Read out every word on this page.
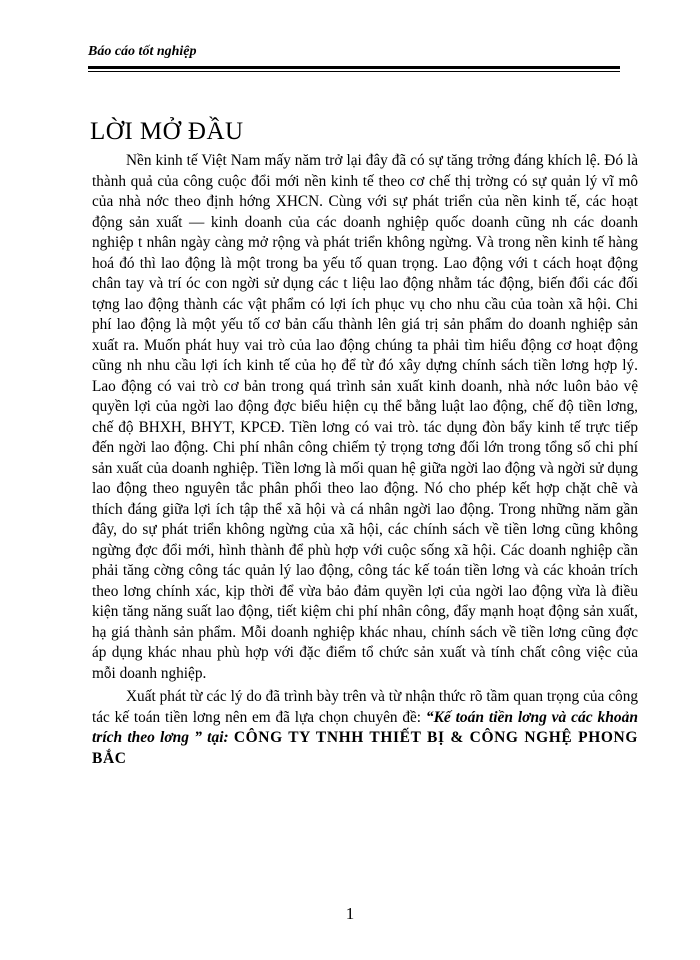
Báo cáo tốt nghiệp
LỜI MỞ ĐẦU

Nền kinh tế Việt Nam mấy năm trở lại đây đã có sự tăng trởng đáng khích lệ. Đó là thành quả của công cuộc đổi mới nền kinh tế theo cơ chế thị trờng có sự quản lý vĩ mô của nhà nớc theo định hớng XHCN. Cùng với sự phát triển của nền kinh tế, các hoạt động sản xuất — kinh doanh của các doanh nghiệp quốc doanh cũng nh các doanh nghiệp t nhân ngày càng mở rộng và phát triển không ngừng. Và trong nền kinh tế hàng hoá đó thì lao động là một trong ba yếu tố quan trọng. Lao động với t cách hoạt động chân tay và trí óc con ngời sử dụng các t liệu lao động nhằm tác động, biến đổi các đối tợng lao động thành các vật phẩm có lợi ích phục vụ cho nhu cầu của toàn xã hội. Chi phí lao động là một yếu tố cơ bản cấu thành lên giá trị sản phẩm do doanh nghiệp sản xuất ra. Muốn phát huy vai trò của lao động chúng ta phải tìm hiểu động cơ hoạt động cũng nh nhu cầu lợi ích kinh tế của họ để từ đó xây dựng chính sách tiền lơng hợp lý. Lao động có vai trò cơ bản trong quá trình sản xuất kinh doanh, nhà nớc luôn bảo vệ quyền lợi của ngời lao động đợc biểu hiện cụ thể bằng luật lao động, chế độ tiền lơng, chế độ BHXH, BHYT, KPCĐ. Tiền lơng có vai trò. tác dụng đòn bẩy kinh tế trực tiếp đến ngời lao động. Chi phí nhân công chiếm tỷ trọng tơng đối lớn trong tổng số chi phí sản xuất của doanh nghiệp. Tiền lơng là mối quan hệ giữa ngời lao động và ngời sử dụng lao động theo nguyên tắc phân phối theo lao động. Nó cho phép kết hợp chặt chẽ và thích đáng giữa lợi ích tập thể xã hội và cá nhân ngời lao động. Trong những năm gần đây, do sự phát triển không ngừng của xã hội, các chính sách về tiền lơng cũng không ngừng đợc đổi mới, hình thành để phù hợp với cuộc sống xã hội. Các doanh nghiệp cần phải tăng cờng công tác quản lý lao động, công tác kế toán tiền lơng và các khoản trích theo lơng chính xác, kịp thời để vừa bảo đảm quyền lợi của ngời lao động vừa là điều kiện tăng năng suất lao động, tiết kiệm chi phí nhân công, đẩy mạnh hoạt động sản xuất, hạ giá thành sản phẩm. Mỗi doanh nghiệp khác nhau, chính sách về tiền lơng cũng đợc áp dụng khác nhau phù hợp với đặc điểm tổ chức sản xuất và tính chất công việc của mỗi doanh nghiệp.

Xuất phát từ các lý do đã trình bày trên và từ nhận thức rõ tầm quan trọng của công tác kế toán tiền lơng nên em đã lựa chọn chuyên đề: “Kế toán tiền lơng và các khoản trích theo lơng ” tại: CÔNG TY TNHH THIẾT BỊ & CÔNG NGHỆ PHONG BẮC

1
